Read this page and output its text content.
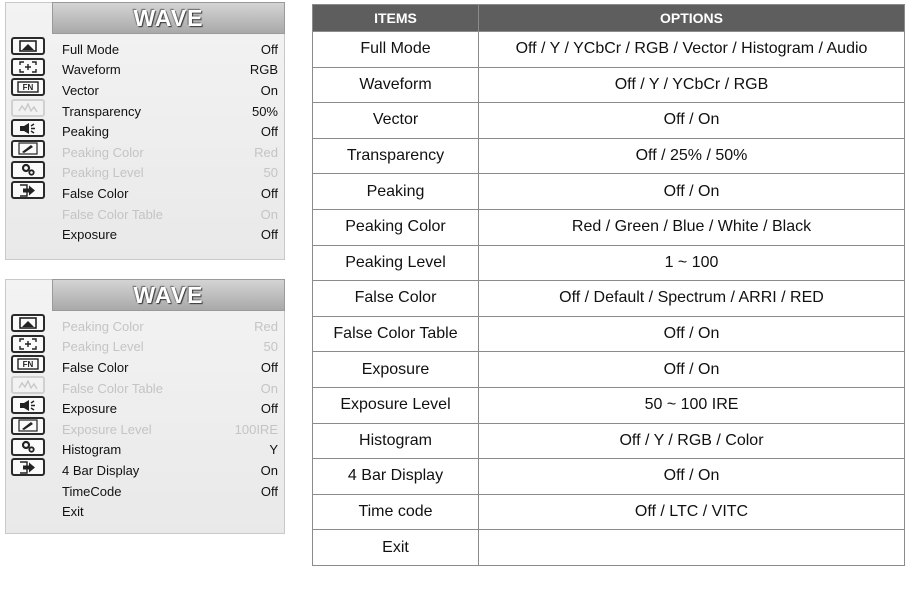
WAVE
FN
Full Mode	Off
Waveform	RGB
Vector	On
Transparency	50%
Peaking	Off
Peaking Color	Red
Peaking Level	50
False Color	Off
False Color Table	On
Exposure	Off
WAVE
FN
Peaking Color	Red
Peaking Level	50
False Color	Off
False Color Table	On
Exposure	Off
Exposure Level	100IRE
Histogram	Y
4 Bar Display	On
TimeCode	Off
Exit
ITEMS	OPTIONS
Full Mode	Off / Y / YCbCr / RGB / Vector / Histogram / Audio
Waveform	Off / Y / YCbCr / RGB
Vector	Off / On
Transparency	Off / 25% / 50%
Peaking	Off / On
Peaking Color	Red / Green / Blue / White / Black
Peaking Level	1 ~ 100
False Color	Off / Default / Spectrum / ARRI / RED
False Color Table	Off / On
Exposure	Off / On
Exposure Level	50 ~ 100 IRE
Histogram	Off / Y / RGB / Color
4 Bar Display	Off / On
Time code	Off / LTC / VITC
Exit	
